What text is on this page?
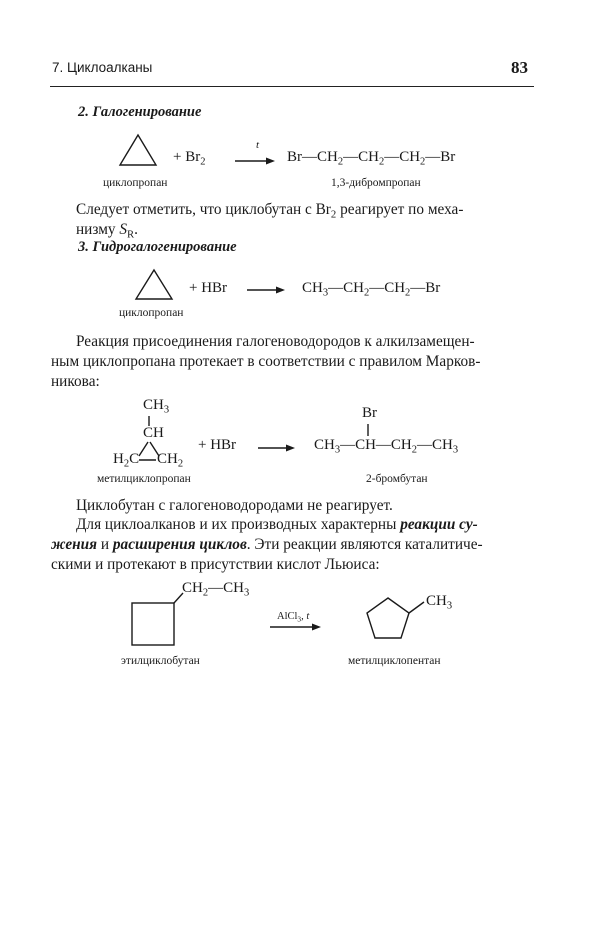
7. Циклоалканы	83
2. Галогенирование
+ $Br_2$
t
→ $Br—CH_2—CH_2—CH_2—Br$
циклопропан	1,3-дибромпропан
Следует отметить, что циклобутан с $Br_2$ реагирует по меха-
низму $S_R$.
3. Гидрогалогенирование
+ HBr → $CH_3—CH_2—CH_2—Br$
циклопропан
Реакция присоединения галогеноводородов к алкилзамещен-
ным циклопропана протекает в соответствии с правилом Марков-
никова:
$CH_3$
CH
$H_2C$ $CH_2$
+ HBr →
Br
$CH_3—CH—CH_2—CH_3$
метилциклопропан	2-бромбутан
Циклобутан с галогеноводородами не реагирует.
Для циклоалканов и их производных характерны реакции су-
жения и расширения циклов. Эти реакции являются каталитиче-
скими и протекают в присутствии кислот Льюиса:
$CH_2—CH_3$
AlCl$_3$, t
$CH_3$
этилциклобутан	метилциклопентан
